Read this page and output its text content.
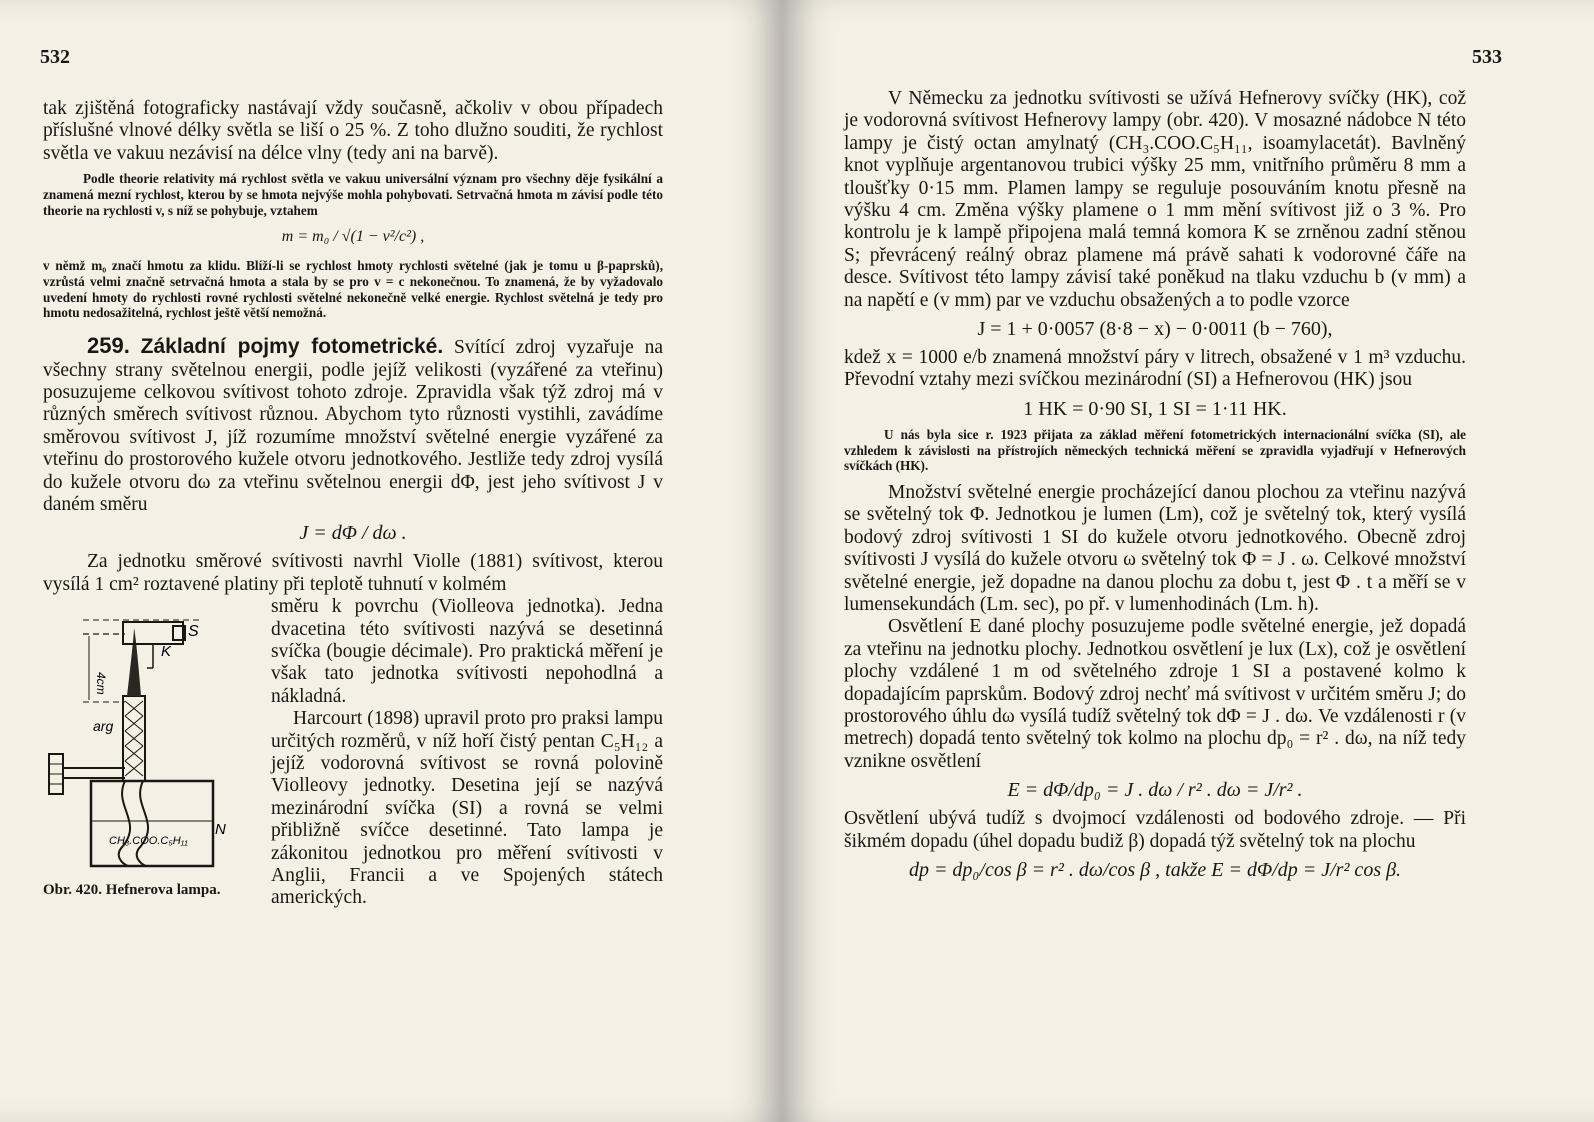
532

tak zjištěná fotograficky nastávají vždy současně, ačkoliv v obou případech příslušné vlnové délky světla se liší o 25 %. Z toho dlužno souditi, že rychlost světla ve vakuu nezávisí na délce vlny (tedy ani na barvě).

Podle theorie relativity má rychlost světla ve vakuu universální význam pro všechny děje fysikální a znamená mezní rychlost, kterou by se hmota nejvýše mohla pohybovati. Setrvačná hmota m závisí podle této theorie na rychlosti v, s níž se pohybuje, vztahem

m = m₀ / √(1 − v²/c²) ,

v němž m₀ značí hmotu za klidu. Blíží-li se rychlost hmoty rychlosti světelné (jak je tomu u β-paprsků), vzrůstá velmi značně setrvačná hmota a stala by se pro v = c nekonečnou. To znamená, že by vyžadovalo uvedení hmoty do rychlosti rovné rychlosti světelné nekonečně velké energie. Rychlost světelná je tedy pro hmotu nedosažitelná, rychlost ještě větší nemožná.

259. Základní pojmy fotometrické. Svítící zdroj vyzařuje na všechny strany světelnou energii, podle jejíž velikosti (vyzářené za vteřinu) posuzujeme celkovou svítivost tohoto zdroje. Zpravidla však týž zdroj má v různých směrech svítivost různou. Abychom tyto různosti vystihli, zavádíme směrovou svítivost J, jíž rozumíme množství světelné energie vyzářené za vteřinu do prostorového kužele otvoru jednotkového. Jestliže tedy zdroj vysílá do kužele otvoru dω za vteřinu světelnou energii dΦ, jest jeho svítivost J v daném směru

J = dΦ / dω .

Za jednotku směrové svítivosti navrhl Violle (1881) svítivost, kterou vysílá 1 cm² roztavené platiny při teplotě tuhnutí v kolmém

S
K
4cm
arg
N
CH₃.COO.C₅H₁₁
Obr. 420. Hefnerova lampa.

směru k povrchu (Violleova jednotka). Jedna dvacetina této svítivosti nazývá se desetinná svíčka (bougie décimale). Pro praktická měření je však tato jednotka svítivosti nepohodlná a nákladná.

Harcourt (1898) upravil proto pro praksi lampu určitých rozměrů, v níž hoří čistý pentan C₅H₁₂ a jejíž vodorovná svítivost se rovná polovině Violleovy jednotky. Desetina její se nazývá mezinárodní svíčka (SI) a rovná se velmi přibližně svíčce desetinné. Tato lampa je zákonitou jednotkou pro měření svítivosti v Anglii, Francii a ve Spojených státech amerických.

533

V Německu za jednotku svítivosti se užívá Hefnerovy svíčky (HK), což je vodorovná svítivost Hefnerovy lampy (obr. 420). V mosazné nádobce N této lampy je čistý octan amylnatý (CH₃.COO.C₅H₁₁, isoamylacetát). Bavlněný knot vyplňuje argentanovou trubici výšky 25 mm, vnitřního průměru 8 mm a tloušťky 0·15 mm. Plamen lampy se reguluje posouváním knotu přesně na výšku 4 cm. Změna výšky plamene o 1 mm mění svítivost již o 3 %. Pro kontrolu je k lampě připojena malá temná komora K se zrněnou zadní stěnou S; převrácený reálný obraz plamene má právě sahati k vodorovné čáře na desce. Svítivost této lampy závisí také poněkud na tlaku vzduchu b (v mm) a na napětí e (v mm) par ve vzduchu obsažených a to podle vzorce

J = 1 + 0·0057 (8·8 − x) − 0·0011 (b − 760),

kdež x = 1000 e/b znamená množství páry v litrech, obsažené v 1 m³ vzduchu. Převodní vztahy mezi svíčkou mezinárodní (SI) a Hefnerovou (HK) jsou

1 HK = 0·90 SI, 1 SI = 1·11 HK.

U nás byla sice r. 1923 přijata za základ měření fotometrických internacionální svíčka (SI), ale vzhledem k závislosti na přístrojích německých technická měření se zpravidla vyjadřují v Hefnerových svíčkách (HK).

Množství světelné energie procházející danou plochou za vteřinu nazývá se světelný tok Φ. Jednotkou je lumen (Lm), což je světelný tok, který vysílá bodový zdroj svítivosti 1 SI do kužele otvoru jednotkového. Obecně zdroj svítivosti J vysílá do kužele otvoru ω světelný tok Φ = J . ω. Celkové množství světelné energie, jež dopadne na danou plochu za dobu t, jest Φ . t a měří se v lumensekundách (Lm. sec), po př. v lumenhodinách (Lm. h).

Osvětlení E dané plochy posuzujeme podle světelné energie, jež dopadá za vteřinu na jednotku plochy. Jednotkou osvětlení je lux (Lx), což je osvětlení plochy vzdálené 1 m od světelného zdroje 1 SI a postavené kolmo k dopadajícím paprskům. Bodový zdroj nechť má svítivost v určitém směru J; do prostorového úhlu dω vysílá tudíž světelný tok dΦ = J . dω. Ve vzdálenosti r (v metrech) dopadá tento světelný tok kolmo na plochu dp₀ = r² . dω, na níž tedy vznikne osvětlení

E = dΦ/dp₀ = J . dω / r² . dω = J/r² .

Osvětlení ubývá tudíž s dvojmocí vzdálenosti od bodového zdroje. — Při šikmém dopadu (úhel dopadu budiž β) dopadá týž světelný tok na plochu

dp = dp₀/cos β = r² . dω/cos β , takže E = dΦ/dp = J/r² cos β.
